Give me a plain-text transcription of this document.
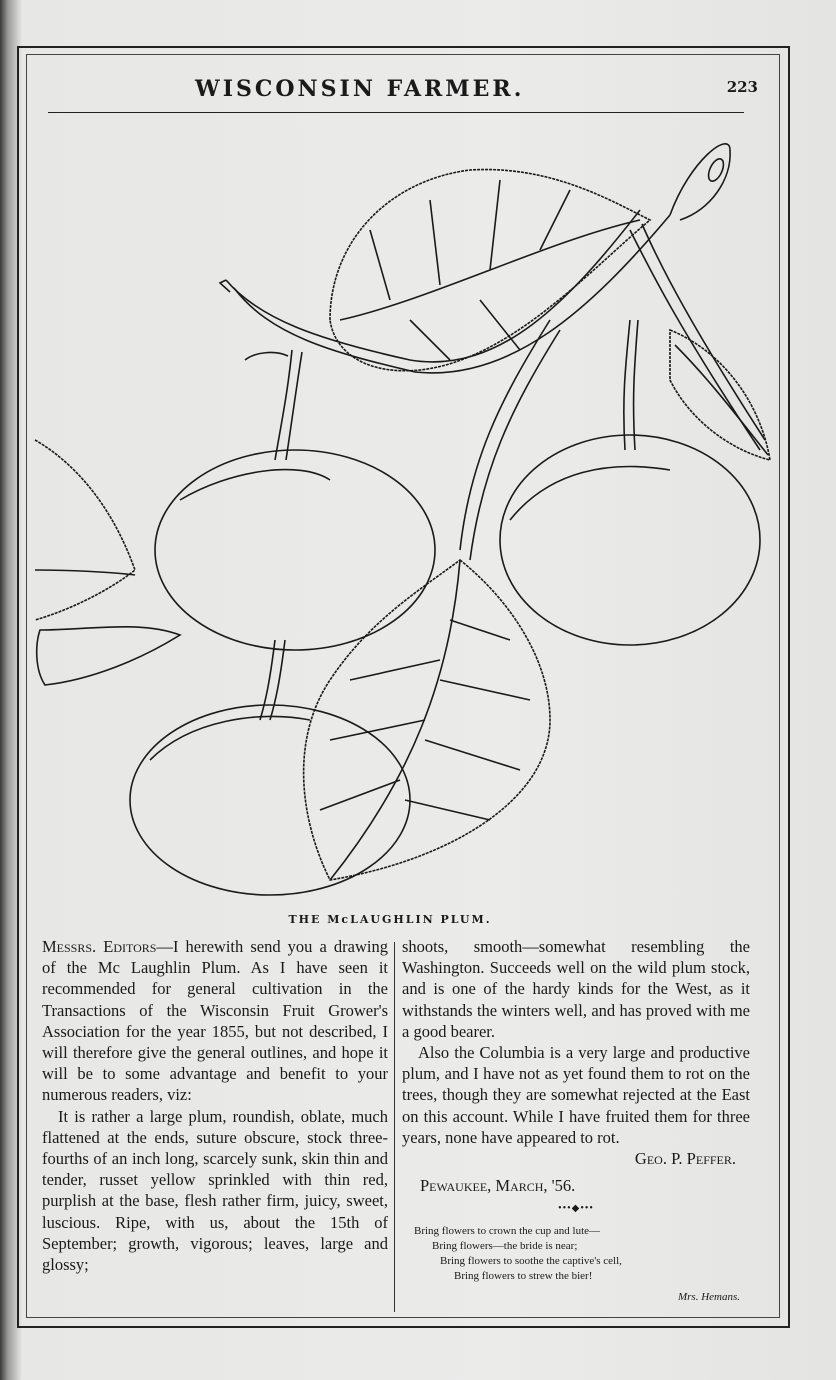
WISCONSIN FARMER.	223
THE McLAUGHLIN PLUM.

Messrs. Editors—I herewith send you a drawing of the Mc Laughlin Plum. As I have seen it recommended for general cultivation in the Transactions of the Wisconsin Fruit Grower's Association for the year 1855, but not described, I will therefore give the general outlines, and hope it will be to some advantage and benefit to your numerous readers, viz:

It is rather a large plum, roundish, oblate, much flattened at the ends, suture obscure, stock three-fourths of an inch long, scarcely sunk, skin thin and tender, russet yellow sprinkled with thin red, purplish at the base, flesh rather firm, juicy, sweet, luscious. Ripe, with us, about the 15th of September; growth, vigorous; leaves, large and glossy;

shoots, smooth—somewhat resembling the Washington. Succeeds well on the wild plum stock, and is one of the hardy kinds for the West, as it withstands the winters well, and has proved with me a good bearer.

Also the Columbia is a very large and productive plum, and I have not as yet found them to rot on the trees, though they are somewhat rejected at the East on this account. While I have fruited them for three years, none have appeared to rot.

Geo. P. Peffer.

Pewaukee, March, '56.

•••◆•••

Bring flowers to crown the cup and lute—
Bring flowers—the bride is near;
Bring flowers to soothe the captive's cell,
Bring flowers to strew the bier!

Mrs. Hemans.
